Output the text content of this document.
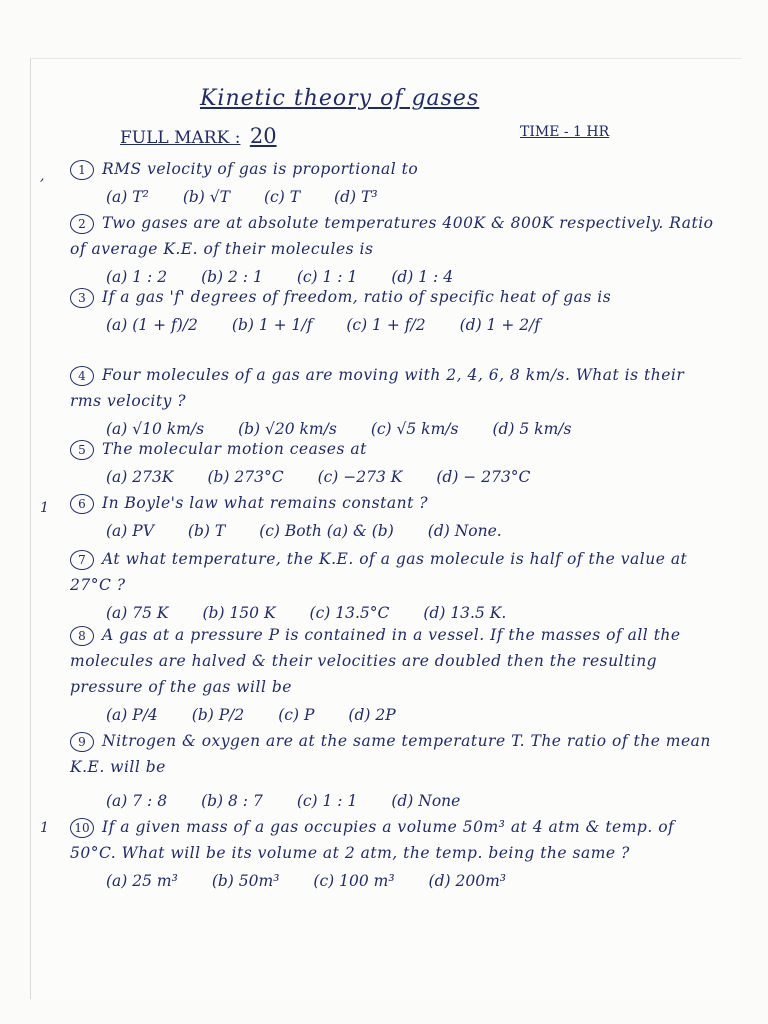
Kinetic theory of gases
FULL MARK : 20	TIME - 1 HR
,
1
1
1 RMS velocity of gas is proportional to
(a) T² (b) √T (c) T (d) T³
2 Two gases are at absolute temperatures 400K & 800K respectively. Ratio of average K.E. of their molecules is
(a) 1 : 2 (b) 2 : 1 (c) 1 : 1 (d) 1 : 4
3 If a gas 'f' degrees of freedom, ratio of specific heat of gas is
(a) (1 + f)/2 (b) 1 + 1/f (c) 1 + f/2 (d) 1 + 2/f
4 Four molecules of a gas are moving with 2, 4, 6, 8 km/s. What is their rms velocity ?
(a) √10 km/s (b) √20 km/s (c) √5 km/s (d) 5 km/s
5 The molecular motion ceases at
(a) 273K (b) 273°C (c) −273 K (d) − 273°C
6 In Boyle's law what remains constant ?
(a) PV (b) T (c) Both (a) & (b) (d) None.
7 At what temperature, the K.E. of a gas molecule is half of the value at 27°C ?
(a) 75 K (b) 150 K (c) 13.5°C (d) 13.5 K.
8 A gas at a pressure P is contained in a vessel. If the masses of all the molecules are halved & their velocities are doubled then the resulting pressure of the gas will be
(a) P/4 (b) P/2 (c) P (d) 2P
9 Nitrogen & oxygen are at the same temperature T. The ratio of the mean K.E. will be
(a) 7 : 8 (b) 8 : 7 (c) 1 : 1 (d) None
10 If a given mass of a gas occupies a volume 50m³ at 4 atm & temp. of 50°C. What will be its volume at 2 atm, the temp. being the same ?
(a) 25 m³ (b) 50m³ (c) 100 m³ (d) 200m³
